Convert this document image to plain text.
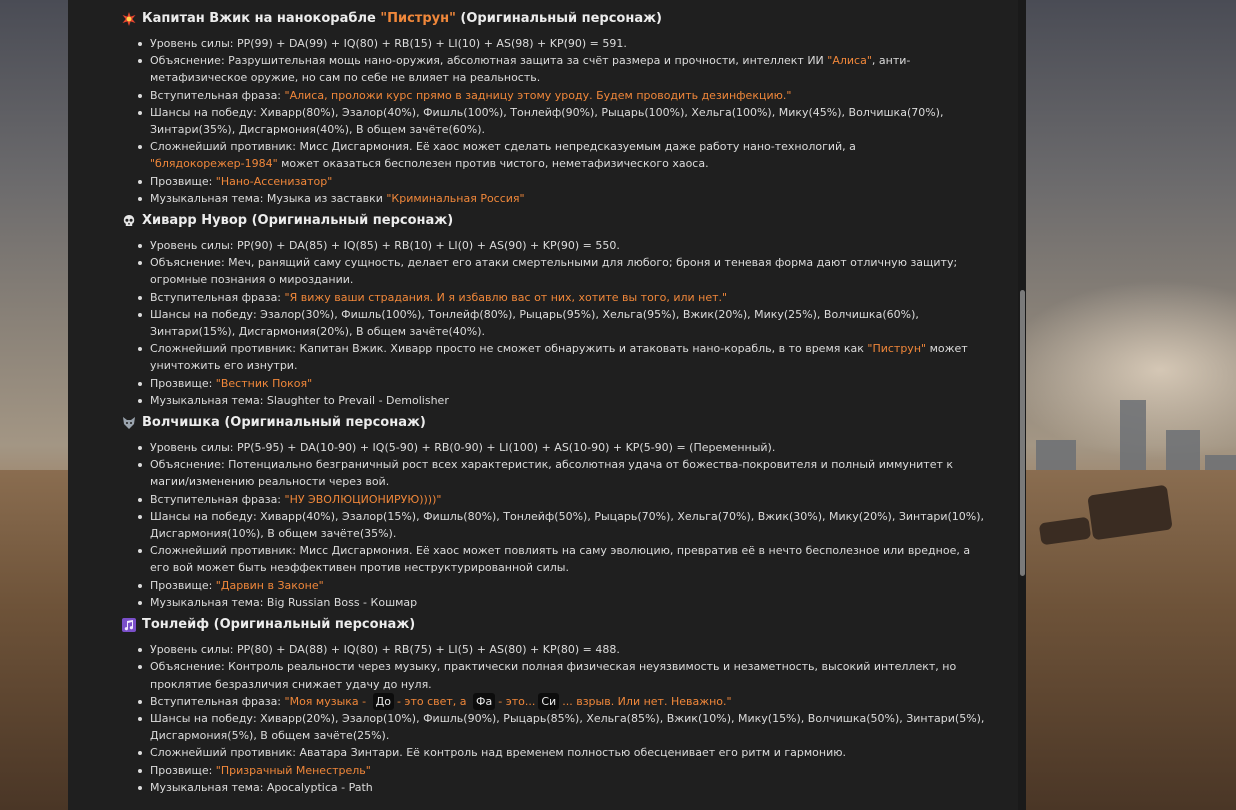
Капитан Вжик на нанокорабле "Пиструн" (Оригинальный персонаж)
Уровень силы: PP(99) + DA(99) + IQ(80) + RB(15) + LI(10) + AS(98) + KP(90) = 591.
Объяснение: Разрушительная мощь нано-оружия, абсолютная защита за счёт размера и прочности, интеллект ИИ "Алиса", анти-метафизическое оружие, но сам по себе не влияет на реальность.
Вступительная фраза: "Алиса, проложи курс прямо в задницу этому уроду. Будем проводить дезинфекцию."
Шансы на победу: Хиварр(80%), Эзалор(40%), Фишль(100%), Тонлейф(90%), Рыцарь(100%), Хельга(100%), Мику(45%), Волчишка(70%), Зинтари(35%), Дисгармония(40%), В общем зачёте(60%).
Сложнейший противник: Мисс Дисгармония. Её хаос может сделать непредсказуемым даже работу нано-технологий, а "блядокорежер-1984" может оказаться бесполезен против чистого, неметафизического хаоса.
Прозвище: "Нано-Ассенизатор"
Музыкальная тема: Музыка из заставки "Криминальная Россия"
Хиварр Нувор (Оригинальный персонаж)
Уровень силы: PP(90) + DA(85) + IQ(85) + RB(10) + LI(0) + AS(90) + KP(90) = 550.
Объяснение: Меч, ранящий саму сущность, делает его атаки смертельными для любого; броня и теневая форма дают отличную защиту; огромные познания о мироздании.
Вступительная фраза: "Я вижу ваши страдания. И я избавлю вас от них, хотите вы того, или нет."
Шансы на победу: Эзалор(30%), Фишль(100%), Тонлейф(80%), Рыцарь(95%), Хельга(95%), Вжик(20%), Мику(25%), Волчишка(60%), Зинтари(15%), Дисгармония(20%), В общем зачёте(40%).
Сложнейший противник: Капитан Вжик. Хиварр просто не сможет обнаружить и атаковать нано-корабль, в то время как "Пиструн" может уничтожить его изнутри.
Прозвище: "Вестник Покоя"
Музыкальная тема: Slaughter to Prevail - Demolisher
Волчишка (Оригинальный персонаж)
Уровень силы: PP(5-95) + DA(10-90) + IQ(5-90) + RB(0-90) + LI(100) + AS(10-90) + KP(5-90) = (Переменный).
Объяснение: Потенциально безграничный рост всех характеристик, абсолютная удача от божества-покровителя и полный иммунитет к магии/изменению реальности через вой.
Вступительная фраза: "НУ ЭВОЛЮЦИОНИРУЮ))))"
Шансы на победу: Хиварр(40%), Эзалор(15%), Фишль(80%), Тонлейф(50%), Рыцарь(70%), Хельга(70%), Вжик(30%), Мику(20%), Зинтари(10%), Дисгармония(10%), В общем зачёте(35%).
Сложнейший противник: Мисс Дисгармония. Её хаос может повлиять на саму эволюцию, превратив её в нечто бесполезное или вредное, а его вой может быть неэффективен против неструктурированной силы.
Прозвище: "Дарвин в Законе"
Музыкальная тема: Big Russian Boss - Кошмар
Тонлейф (Оригинальный персонаж)
Уровень силы: PP(80) + DA(88) + IQ(80) + RB(75) + LI(5) + AS(80) + KP(80) = 488.
Объяснение: Контроль реальности через музыку, практически полная физическая неуязвимость и незаметность, высокий интеллект, но проклятие безразличия снижает удачу до нуля.
Вступительная фраза: "Моя музыка - До - это свет, а Фа - это... Си ... взрыв. Или нет. Неважно."
Шансы на победу: Хиварр(20%), Эзалор(10%), Фишль(90%), Рыцарь(85%), Хельга(85%), Вжик(10%), Мику(15%), Волчишка(50%), Зинтари(5%), Дисгармония(5%), В общем зачёте(25%).
Сложнейший противник: Аватара Зинтари. Её контроль над временем полностью обесценивает его ритм и гармонию.
Прозвище: "Призрачный Менестрель"
Музыкальная тема: Apocalyptica - Path
